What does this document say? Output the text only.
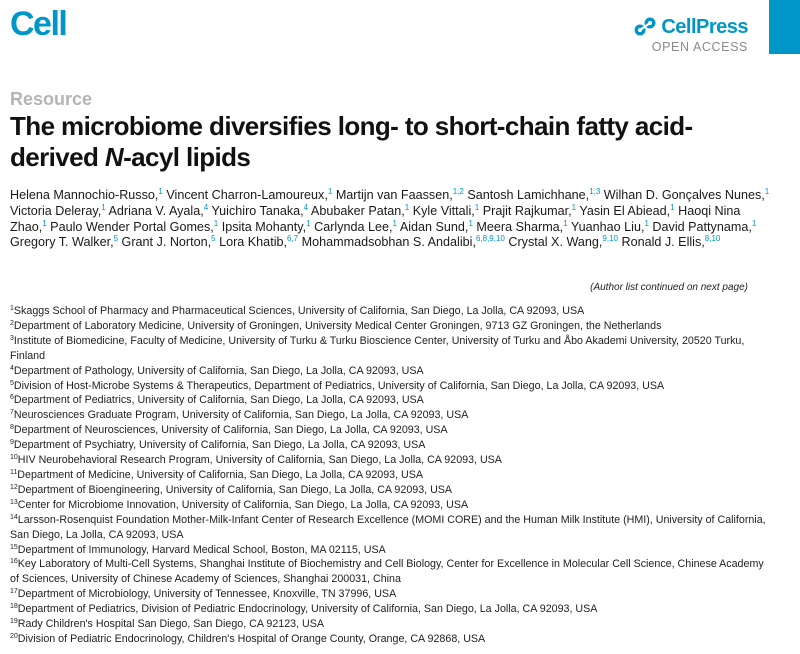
Cell	CellPress
OPEN ACCESS
Resource
The microbiome diversifies long- to short-chain fatty acid-derived N-acyl lipids

Helena Mannochio-Russo,$^1$ Vincent Charron-Lamoureux,$^1$ Martijn van Faassen,$^{1,2}$ Santosh Lamichhane,$^{1,3}$ Wilhan D. Gonçalves Nunes,$^1$ Victoria Deleray,$^1$ Adriana V. Ayala,$^4$ Yuichiro Tanaka,$^4$ Abubaker Patan,$^1$ Kyle Vittali,$^1$ Prajit Rajkumar,$^1$ Yasin El Abiead,$^1$ Haoqi Nina Zhao,$^1$ Paulo Wender Portal Gomes,$^1$ Ipsita Mohanty,$^1$ Carlynda Lee,$^1$ Aidan Sund,$^1$ Meera Sharma,$^1$ Yuanhao Liu,$^1$ David Pattynama,$^1$ Gregory T. Walker,$^5$ Grant J. Norton,$^5$ Lora Khatib,$^{6,7}$ Mohammadsobhan S. Andalibi,$^{6,8,9,10}$ Crystal X. Wang,$^{9,10}$ Ronald J. Ellis,$^{8,10}$

(Author list continued on next page)
$^1$Skaggs School of Pharmacy and Pharmaceutical Sciences, University of California, San Diego, La Jolla, CA 92093, USA
$^2$Department of Laboratory Medicine, University of Groningen, University Medical Center Groningen, 9713 GZ Groningen, the Netherlands
$^3$Institute of Biomedicine, Faculty of Medicine, University of Turku & Turku Bioscience Center, University of Turku and Åbo Akademi University, 20520 Turku, Finland
$^4$Department of Pathology, University of California, San Diego, La Jolla, CA 92093, USA
$^5$Division of Host-Microbe Systems & Therapeutics, Department of Pediatrics, University of California, San Diego, La Jolla, CA 92093, USA
$^6$Department of Pediatrics, University of California, San Diego, La Jolla, CA 92093, USA
$^7$Neurosciences Graduate Program, University of California, San Diego, La Jolla, CA 92093, USA
$^8$Department of Neurosciences, University of California, San Diego, La Jolla, CA 92093, USA
$^9$Department of Psychiatry, University of California, San Diego, La Jolla, CA 92093, USA
$^{10}$HIV Neurobehavioral Research Program, University of California, San Diego, La Jolla, CA 92093, USA
$^{11}$Department of Medicine, University of California, San Diego, La Jolla, CA 92093, USA
$^{12}$Department of Bioengineering, University of California, San Diego, La Jolla, CA 92093, USA
$^{13}$Center for Microbiome Innovation, University of California, San Diego, La Jolla, CA 92093, USA
$^{14}$Larsson-Rosenquist Foundation Mother-Milk-Infant Center of Research Excellence (MOMI CORE) and the Human Milk Institute (HMI), University of California, San Diego, La Jolla, CA 92093, USA
$^{15}$Department of Immunology, Harvard Medical School, Boston, MA 02115, USA
$^{16}$Key Laboratory of Multi-Cell Systems, Shanghai Institute of Biochemistry and Cell Biology, Center for Excellence in Molecular Cell Science, Chinese Academy of Sciences, University of Chinese Academy of Sciences, Shanghai 200031, China
$^{17}$Department of Microbiology, University of Tennessee, Knoxville, TN 37996, USA
$^{18}$Department of Pediatrics, Division of Pediatric Endocrinology, University of California, San Diego, La Jolla, CA 92093, USA
$^{19}$Rady Children's Hospital San Diego, San Diego, CA 92123, USA
$^{20}$Division of Pediatric Endocrinology, Children's Hospital of Orange County, Orange, CA 92868, USA
